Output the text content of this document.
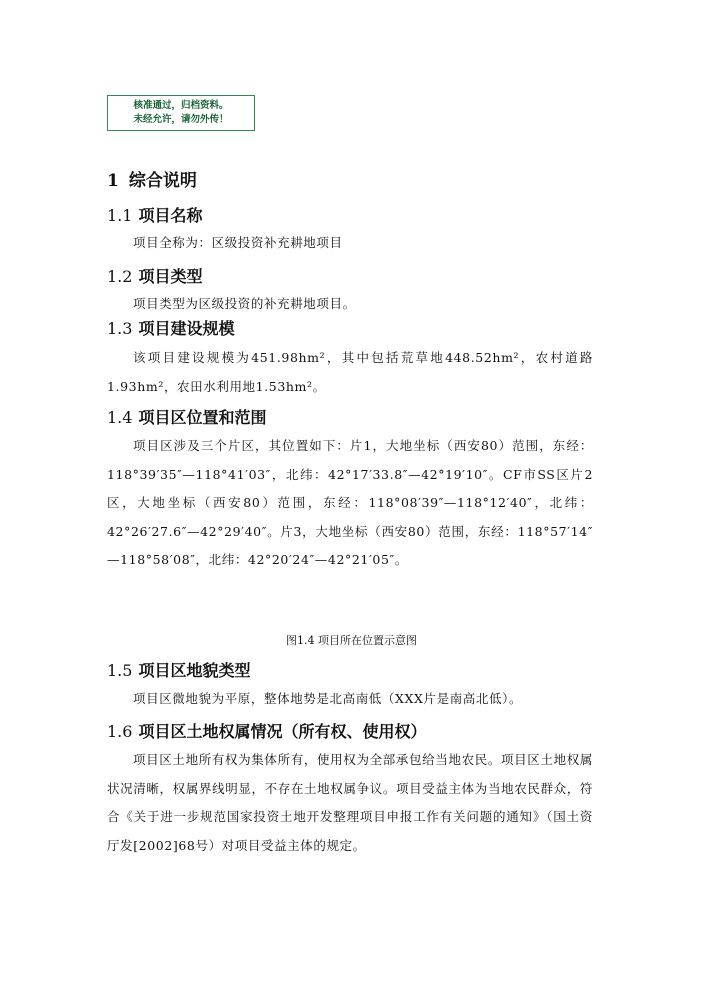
核准通过，归档资料。
未经允许，请勿外传！
1 综合说明
1.1 项目名称

项目全称为：区级投资补充耕地项目

1.2 项目类型

项目类型为区级投资的补充耕地项目。

1.3 项目建设规模

该项目建设规模为451.98hm²，其中包括荒草地448.52hm²，农村道路1.93hm²，农田水利用地1.53hm²。

1.4 项目区位置和范围

项目区涉及三个片区，其位置如下：片1，大地坐标（西安80）范围，东经：118°39′35″—118°41′03″，北纬：42°17′33.8″—42°19′10″。CF市SS区片2区，大地坐标（西安80）范围，东经：118°08′39″—118°12′40″，北纬：42°26′27.6″—42°29′40″。片3，大地坐标（西安80）范围，东经：118°57′14″—118°58′08″，北纬：42°20′24″—42°21′05″。

图1.4 项目所在位置示意图

1.5 项目区地貌类型

项目区微地貌为平原，整体地势是北高南低（XXX片是南高北低）。

1.6 项目区土地权属情况（所有权、使用权）

项目区土地所有权为集体所有，使用权为全部承包给当地农民。项目区土地权属状况清晰，权属界线明显，不存在土地权属争议。项目受益主体为当地农民群众，符合《关于进一步规范国家投资土地开发整理项目申报工作有关问题的通知》（国土资厅发[2002]68号）对项目受益主体的规定。
